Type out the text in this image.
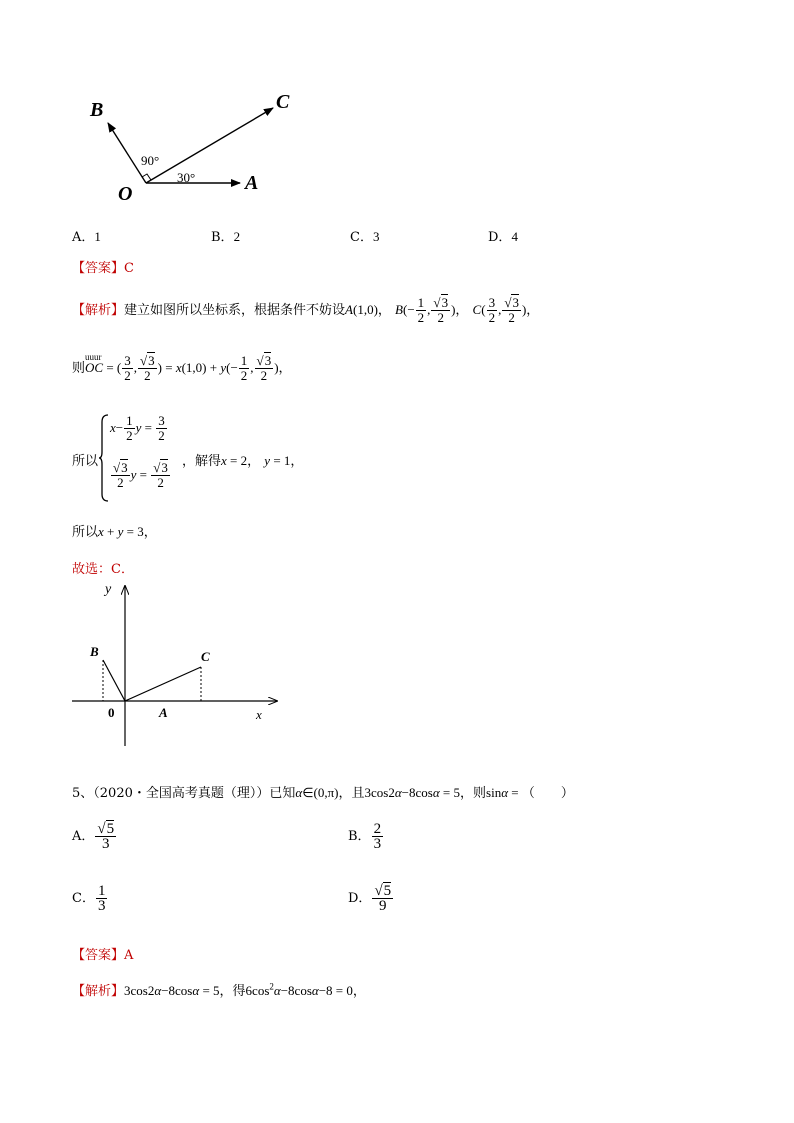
B	C
O	A
90°
30°
A．1	B．2	C．3	D．4
【答案】C
【解析】建立如图所以坐标系，根据条件不妨设A(1,0)， $B(- \frac{1}{2}$ , $\frac{√3}{2}$ )， $C( \frac{3}{2}$ , $\frac{√3}{2}$ )，
则
uuur
OC = ( $\frac{3}{2}$ , $\frac{√3}{2}$ ) = $x(1,0) + y(- \frac{1}{2}$ , $\frac{√3}{2}$ )，
所以
$x- \frac{1}{2}$ $y = \frac{3}{2}$
$\frac{√3}{2}$ $y = \frac{√3}{2}$ ，解得x = 2， y = 1，
所以x + y = 3，
故选：C．
y
B	C
0	A	x
5、（2020・全国高考真题（理））已知α∈(0,π)，且3cos2α−8cosα = 5，则sinα = （　　）
A． $\frac{√5}{3}$	B． $\frac{2}{3}$
C． $\frac{1}{3}$	D． $\frac{√5}{9}$
【答案】A
【解析】3cos2α−8cosα = 5，得$6\cos^2\alpha-8\cos\alpha-8 = 0$，
